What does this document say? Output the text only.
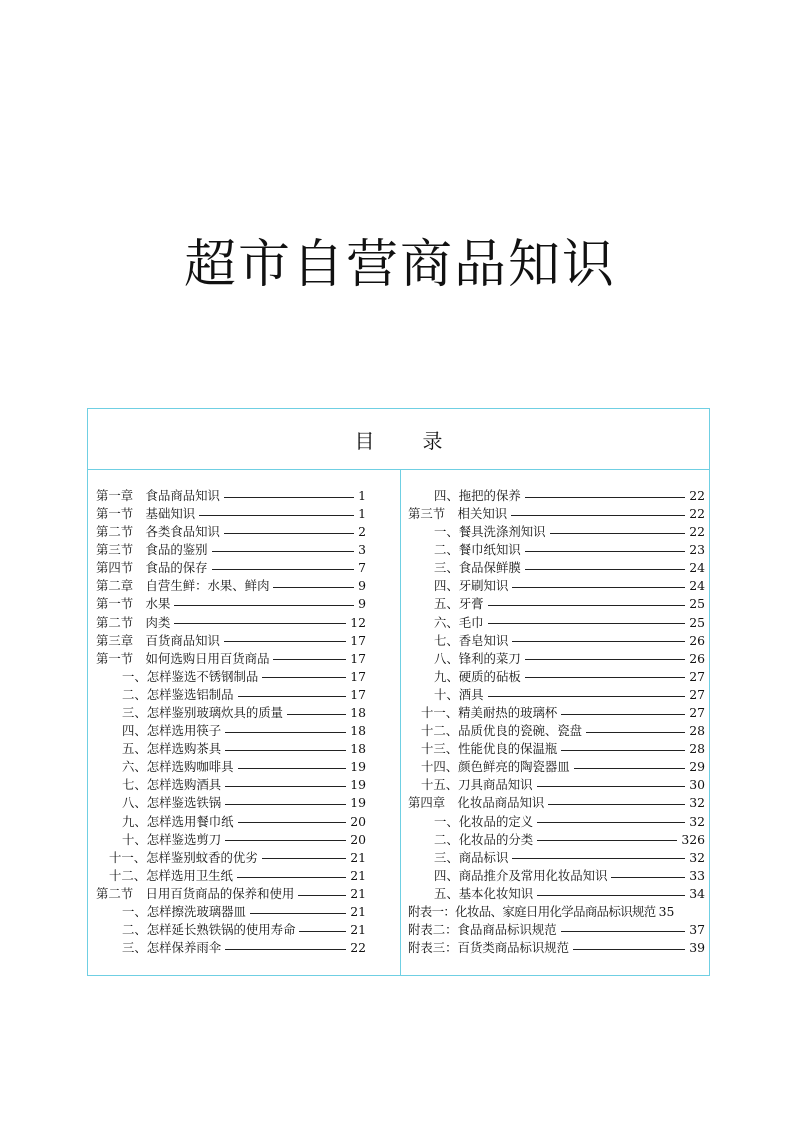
超市自营商品知识
目 录
第一章　食品商品知识	1
第一节　基础知识	1
第二节　各类食品知识	2
第三节　食品的鉴别	3
第四节　食品的保存	7
第二章　自营生鲜：水果、鲜肉	9
第一节　水果	9
第二节　肉类	12
第三章　百货商品知识	17
第一节　如何选购日用百货商品	17
一、怎样鉴选不锈钢制品	17
二、怎样鉴选铝制品	17
三、怎样鉴别玻璃炊具的质量	18
四、怎样选用筷子	18
五、怎样选购茶具	18
六、怎样选购咖啡具	19
七、怎样选购酒具	19
八、怎样鉴选铁锅	19
九、怎样选用餐巾纸	20
十、怎样鉴选剪刀	20
十一、怎样鉴别蚊香的优劣	21
十二、怎样选用卫生纸	21
第二节　日用百货商品的保养和使用	21
一、怎样擦洗玻璃器皿	21
二、怎样延长熟铁锅的使用寿命	21
三、怎样保养雨伞	22
四、拖把的保养	22
第三节　相关知识	22
一、餐具洗涤剂知识	22
二、餐巾纸知识	23
三、食品保鲜膜	24
四、牙刷知识	24
五、牙膏	25
六、毛巾	25
七、香皂知识	26
八、锋利的菜刀	26
九、硬质的砧板	27
十、酒具	27
十一、精美耐热的玻璃杯	27
十二、品质优良的瓷碗、瓷盘	28
十三、性能优良的保温瓶	28
十四、颜色鲜亮的陶瓷器皿	29
十五、刀具商品知识	30
第四章　化妆品商品知识	32
一、化妆品的定义	32
二、化妆品的分类	326
三、商品标识	32
四、商品推介及常用化妆品知识	33
五、基本化妆知识	34
附表一：化妆品、家庭日用化学品商品标识规范 35
附表二：食品商品标识规范	37
附表三：百货类商品标识规范	39
